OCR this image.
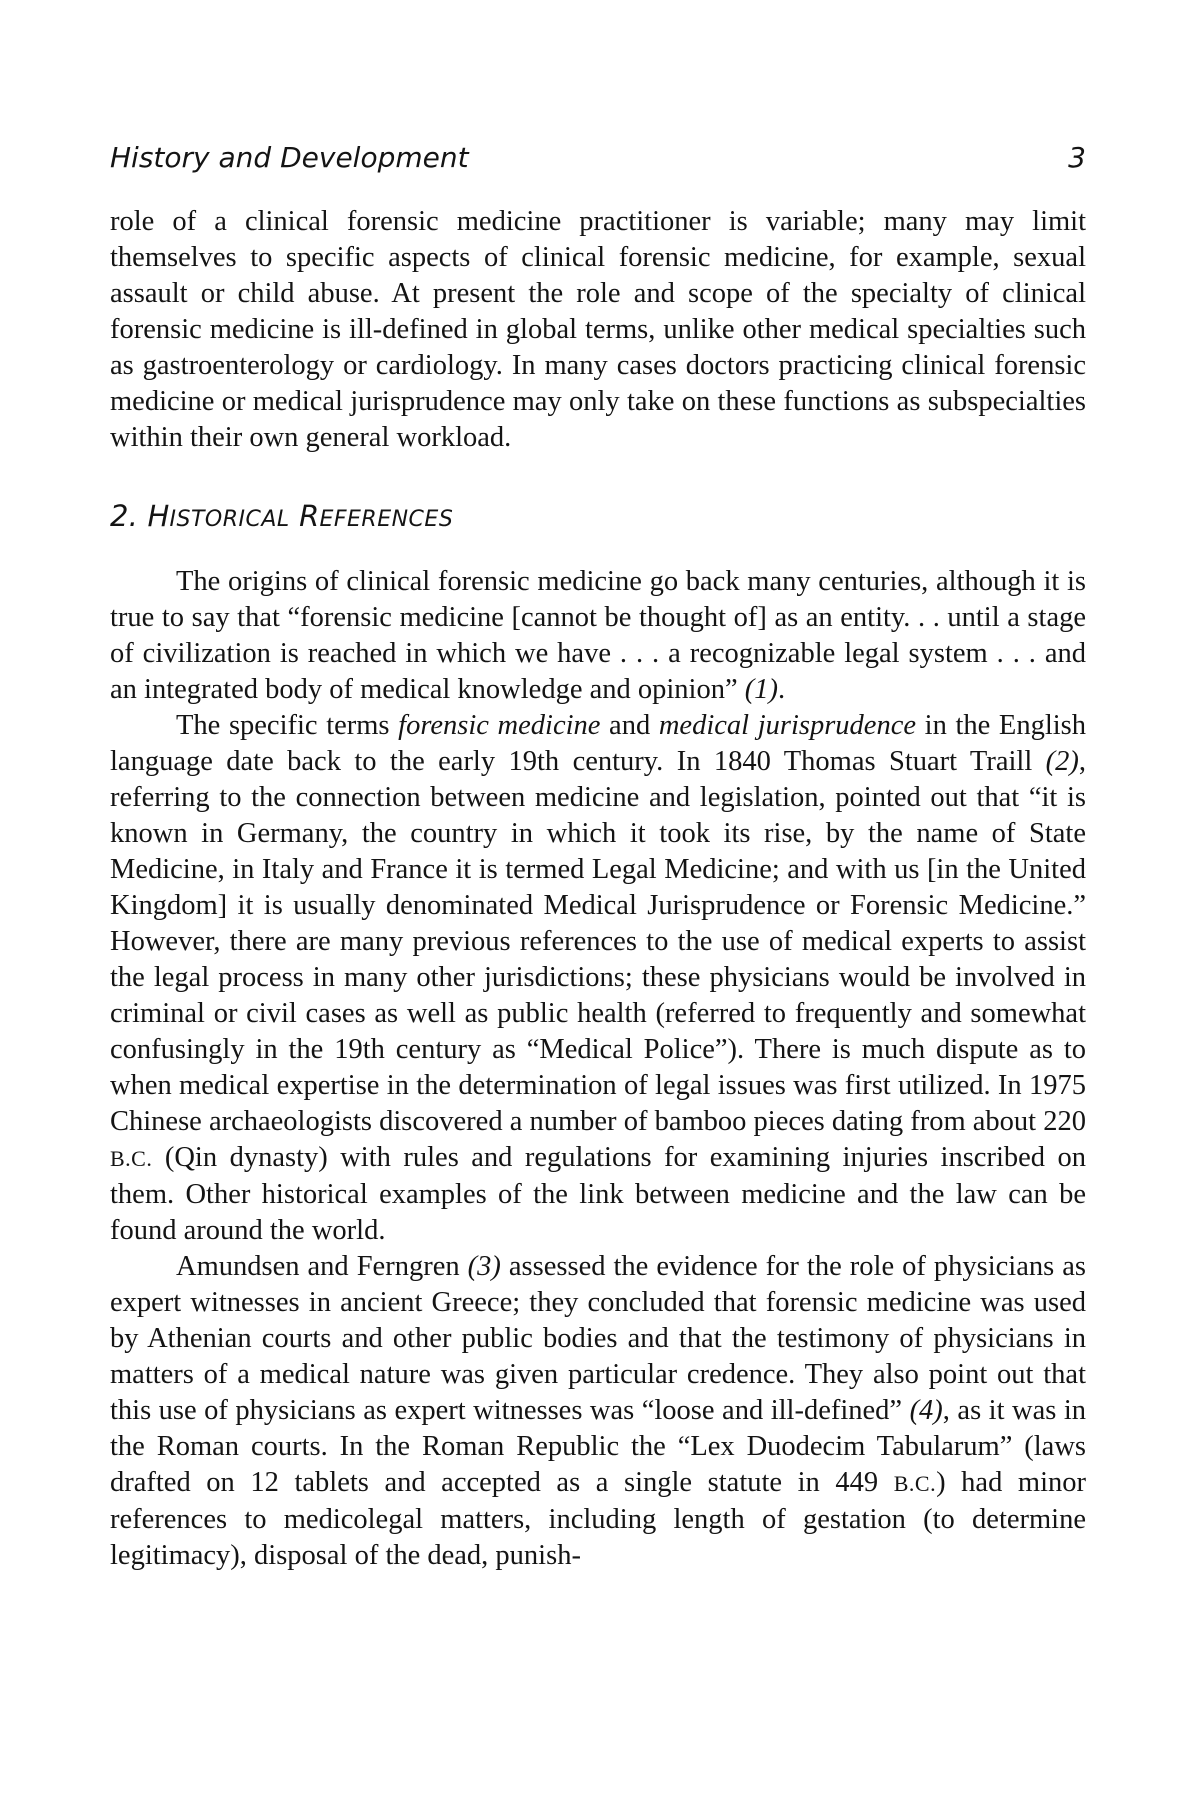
History and Development	3

role of a clinical forensic medicine practitioner is variable; many may limit themselves to specific aspects of clinical forensic medicine, for example, sexual assault or child abuse. At present the role and scope of the specialty of clinical forensic medicine is ill-defined in global terms, unlike other medical specialties such as gastroenterology or cardiology. In many cases doctors practicing clinical forensic medicine or medical jurisprudence may only take on these functions as subspecialties within their own general workload.

2. HISTORICAL REFERENCES

The origins of clinical forensic medicine go back many centuries, although it is true to say that “forensic medicine [cannot be thought of] as an entity. . . until a stage of civilization is reached in which we have . . . a recognizable legal system . . . and an integrated body of medical knowledge and opinion” (1).

The specific terms forensic medicine and medical jurisprudence in the English language date back to the early 19th century. In 1840 Thomas Stuart Traill (2), referring to the connection between medicine and legislation, pointed out that “it is known in Germany, the country in which it took its rise, by the name of State Medicine, in Italy and France it is termed Legal Medicine; and with us [in the United Kingdom] it is usually denominated Medical Jurisprudence or Forensic Medicine.” However, there are many previous references to the use of medical experts to assist the legal process in many other jurisdictions; these physicians would be involved in criminal or civil cases as well as public health (referred to frequently and somewhat confusingly in the 19th century as “Medical Police”). There is much dispute as to when medical expertise in the determination of legal issues was first utilized. In 1975 Chinese archaeologists discovered a number of bamboo pieces dating from about 220 B.C. (Qin dynasty) with rules and regulations for examining injuries inscribed on them. Other historical examples of the link between medicine and the law can be found around the world.

Amundsen and Ferngren (3) assessed the evidence for the role of physicians as expert witnesses in ancient Greece; they concluded that forensic medicine was used by Athenian courts and other public bodies and that the testimony of physicians in matters of a medical nature was given particular credence. They also point out that this use of physicians as expert witnesses was “loose and ill-defined” (4), as it was in the Roman courts. In the Roman Republic the “Lex Duodecim Tabularum” (laws drafted on 12 tablets and accepted as a single statute in 449 B.C.) had minor references to medicolegal matters, including length of gestation (to determine legitimacy), disposal of the dead, punish-
